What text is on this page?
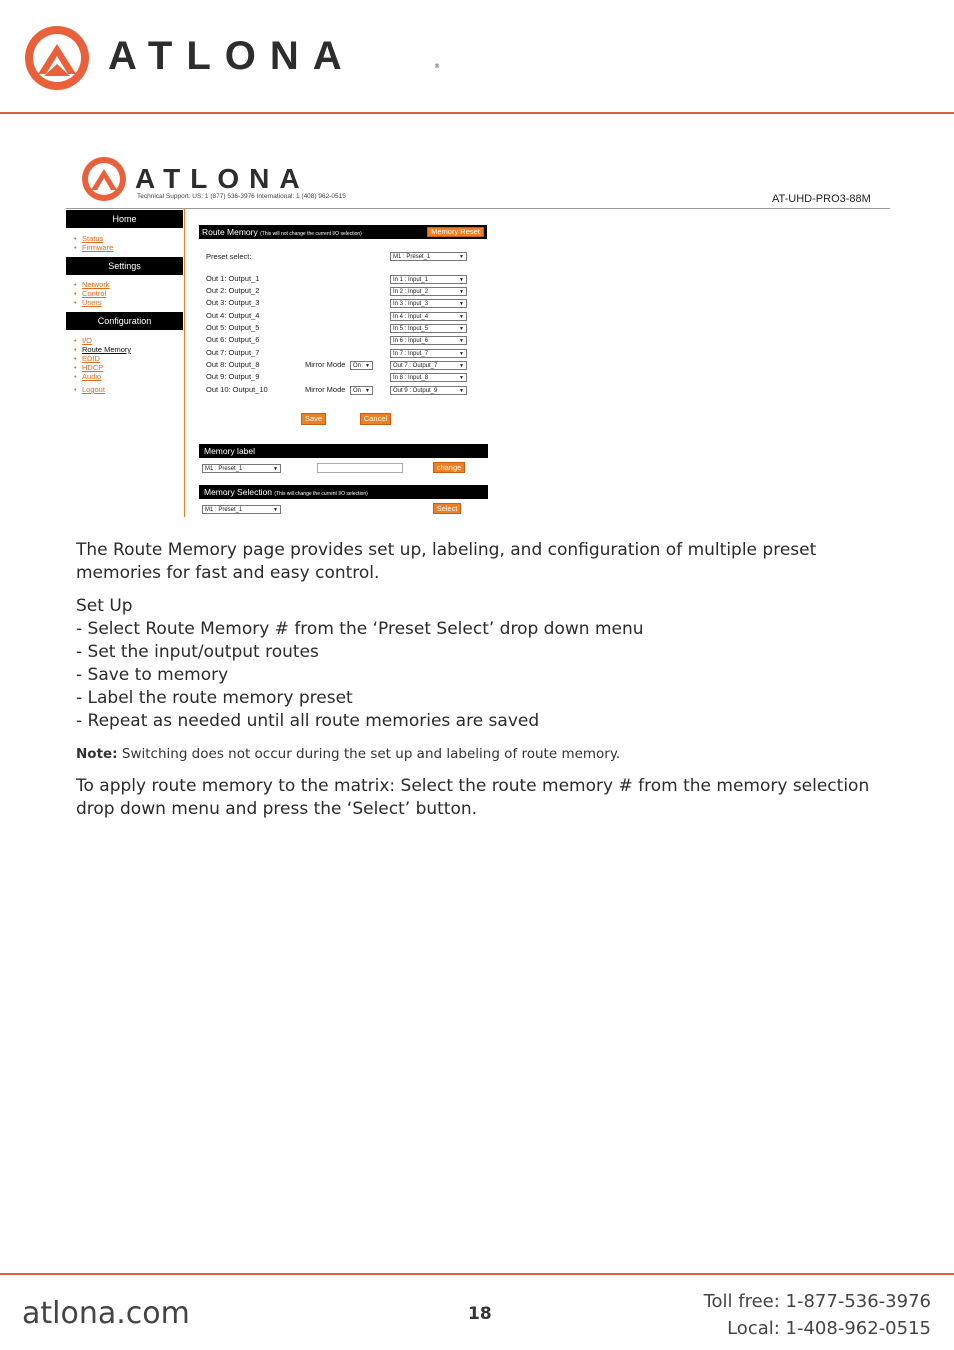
ATLONA	®
ATLONA
Technical Support: US: 1 (877) 536-3976 International: 1 (408) 962-0515	AT-UHD-PRO3-88M
Home
• Status
• Firmware
Settings
• Network
• Control
• Users
Configuration
• I/O
• Route Memory
• EDID
• HDCP
• Audio
• Logout
Route Memory (This will not change the current I/O selection)	Memory Reset
Preset select:	M1 : Preset_1 ▼
Out 1: Output_1	In 1 : Input_1 ▼
Out 2: Output_2	In 2 : Input_2 ▼
Out 3: Output_3	In 3 : Input_3 ▼
Out 4: Output_4	In 4 : Input_4 ▼
Out 5: Output_5	In 5 : Input_5 ▼
Out 6: Output_6	In 6 : Input_6 ▼
Out 7: Output_7	In 7 : Input_7 ▼
Out 8: Output_8	Mirror Mode	On ▼	Out 7 : Output_7 ▼
Out 9: Output_9	In 8 : Input_8 ▼
Out 10: Output_10	Mirror Mode	On ▼	Out 9 : Output_9 ▼
Save	Cancel
Memory label
M1 : Preset_1 ▼	change
Memory Selection (This will change the current I/O selection)
M1 : Preset_1 ▼	Select
The Route Memory page provides set up, labeling, and configuration of multiple preset memories for fast and easy control.
Set Up
- Select Route Memory # from the ‘Preset Select’ drop down menu
- Set the input/output routes
- Save to memory
- Label the route memory preset
- Repeat as needed until all route memories are saved
Note: Switching does not occur during the set up and labeling of route memory.
To apply route memory to the matrix: Select the route memory # from the memory selection drop down menu and press the ‘Select’ button.
atlona.com	18
Toll free: 1-877-536-3976
Local: 1-408-962-0515
